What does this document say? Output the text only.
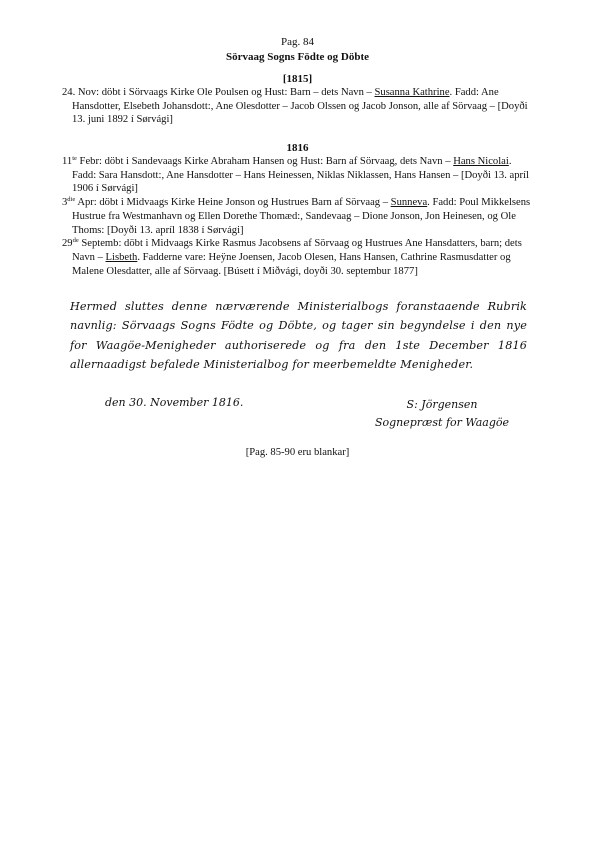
Pag. 84
Sörvaag Sogns Födte og Döbte
[1815]

24. Nov: döbt i Sörvaags Kirke Ole Poulsen og Hust: Barn – dets Navn – Susanna Kathrine. Fadd: Ane Hansdotter, Elsebeth Johansdott:, Ane Olesdotter – Jacob Olssen og Jacob Jonson, alle af Sörvaag – [Doyði 13. juni 1892 í Sørvági]

1816

$11^{te}$ Febr: döbt i Sandevaags Kirke Abraham Hansen og Hust: Barn af Sörvaag, dets Navn – Hans Nicolai. Fadd: Sara Hansdott:, Ane Hansdotter – Hans Heinessen, Niklas Niklassen, Hans Hansen – [Doyði 13. apríl 1906 í Sørvági]

$3^{die}$ Apr: döbt i Midvaags Kirke Heine Jonson og Hustrues Barn af Sörvaag – Sunneva. Fadd: Poul Mikkelsens Hustrue fra Westmanhavn og Ellen Dorethe Thomæd:, Sandevaag – Dione Jonson, Jon Heinesen, og Ole Thoms: [Doyði 13. apríl 1838 í Sørvági]

29de Septemb: döbt i Midvaags Kirke Rasmus Jacobsens af Sörvaag og Hustrues Ane Hansdatters, barn; dets Navn – Lisbeth. Fadderne vare: Heÿne Joensen, Jacob Olesen, Hans Hansen, Cathrine Rasmusdatter og Malene Olesdatter, alle af Sörvaag. [Búsett í Miðvági, doyði 30. septembur 1877]

Hermed sluttes denne nærværende Ministerialbogs foranstaaende Rubrik navnlig: Sörvaags Sogns Födte og Döbte, og tager sin begyndelse i den nye for Waagöe-Menigheder authoriserede og fra den 1ste December 1816 allernaadigst befalede Ministerialbog for meerbemeldte Menigheder.
den 30. November 1816.	S: Jörgensen
Sognepræst for Waagöe
[Pag. 85-90 eru blankar]
